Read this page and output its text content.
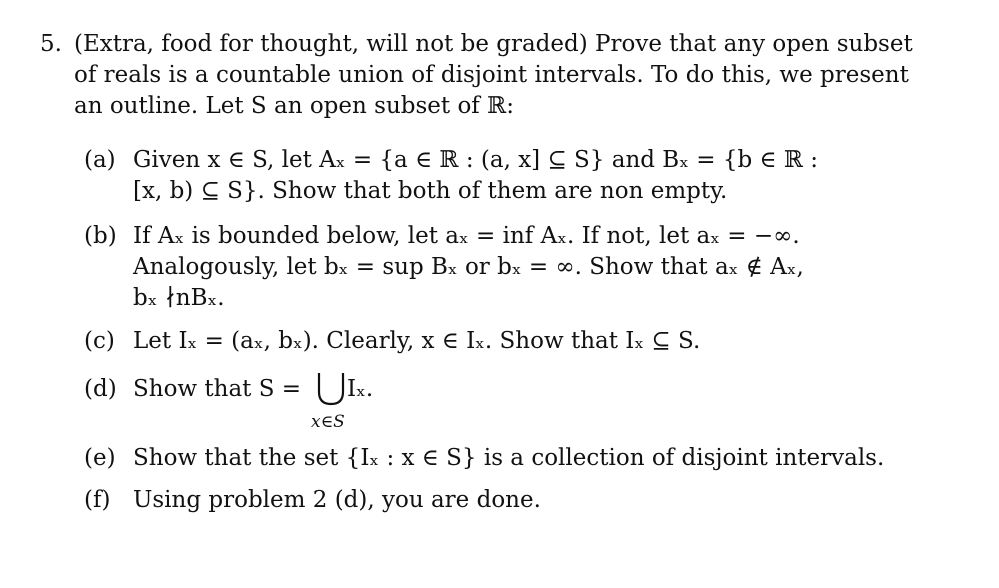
5. (Extra, food for thought, will not be graded) Prove that any open subset
of reals is a countable union of disjoint intervals. To do this, we present
an outline. Let S an open subset of ℝ:
(a) Given x ∈ S, let Aₓ = {a ∈ ℝ : (a, x] ⊆ S} and Bₓ = {b ∈ ℝ :
[x, b) ⊆ S}. Show that both of them are non empty.
(b) If Aₓ is bounded below, let aₓ = inf Aₓ. If not, let aₓ = −∞.
Analogously, let bₓ = sup Bₓ or bₓ = ∞. Show that aₓ ∉ Aₓ,
bₓ ∤nBₓ.
(c) Let Iₓ = (aₓ, bₓ). Clearly, x ∈ Iₓ. Show that Iₓ ⊆ S.
(d) Show that S = Iₓ.
x∈S
(e) Show that the set {Iₓ : x ∈ S} is a collection of disjoint intervals.
(f) Using problem 2 (d), you are done.
